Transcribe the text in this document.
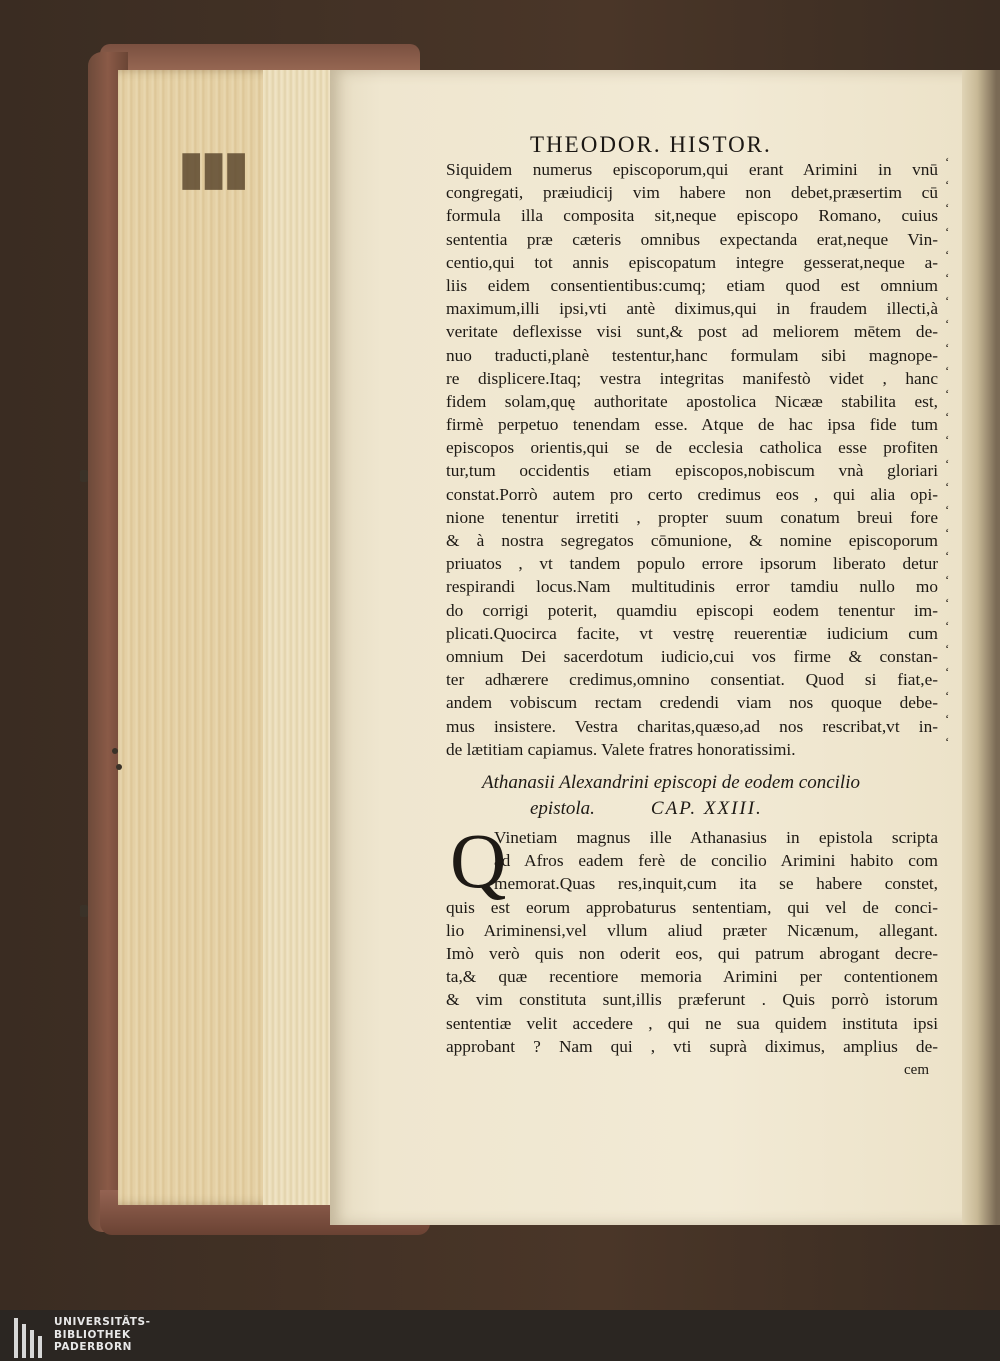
▮▮▮	THEODOR. HISTOR.
Siquidem numerus episcoporum,qui erant Arimini in vnū
congregati, præiudicij vim habere non debet,præsertim cū
formula illa composita sit,neque episcopo Romano, cuius
sententia præ cæteris omnibus expectanda erat,neque Vin-
centio,qui tot annis episcopatum integre gesserat,neque a-
liis eidem consentientibus:cumq; etiam quod est omnium
maximum,illi ipsi,vti antè diximus,qui in fraudem illecti,à
veritate deflexisse visi sunt,& post ad meliorem mētem de-
nuo traducti,planè testentur,hanc formulam sibi magnope-
re displicere.Itaq; vestra integritas manifestò videt , hanc
fidem solam,quę authoritate apostolica Nicææ stabilita est,
firmè perpetuo tenendam esse. Atque de hac ipsa fide tum
episcopos orientis,qui se de ecclesia catholica esse profiten
tur,tum occidentis etiam episcopos,nobiscum vnà gloriari
constat.Porrò autem pro certo credimus eos , qui alia opi-
nione tenentur irretiti , propter suum conatum breui fore
& à nostra segregatos cōmunione, & nomine episcoporum
priuatos , vt tandem populo errore ipsorum liberato detur
respirandi locus.Nam multitudinis error tamdiu nullo mo
do corrigi poterit, quamdiu episcopi eodem tenentur im-
plicati.Quocirca facite, vt vestrę reuerentiæ iudicium cum
omnium Dei sacerdotum iudicio,cui vos firme & constan-
ter adhærere credimus,omnino consentiat. Quod si fiat,e-
andem vobiscum rectam credendi viam nos quoque debe-
mus insistere. Vestra charitas,quæso,ad nos rescribat,vt in-
de lætitiam capiamus. Valete fratres honoratissimi.
Athanasii Alexandrini episcopi de eodem concilio
epistola.	CAP. XXIII.
Q
Vinetiam magnus ille Athanasius in epistola scripta
ad Afros eadem ferè de concilio Arimini habito com
memorat.Quas res,inquit,cum ita se habere constet,
quis est eorum approbaturus sententiam, qui vel de conci-
lio Ariminensi,vel vllum aliud præter Nicænum, allegant.
Imò verò quis non oderit eos, qui patrum abrogant decre-
ta,& quæ recentiore memoria Arimini per contentionem
& vim constituta sunt,illis præferunt . Quis porrò istorum
sententiæ velit accedere , qui ne sua quidem instituta ipsi
approbant ? Nam qui , vti suprà diximus, amplius de-
cem
ʻ
ʻ
ʻ
ʻ
ʻ
ʻ
ʻ
ʻ
ʻ
ʻ
ʻ
ʻ
ʻ
ʻ
ʻ
ʻ
ʻ
ʻ
ʻ
ʻ
ʻ
ʻ
ʻ
ʻ
ʻ
ʻ
UNIVERSITÄTS-
BIBLIOTHEK
PADERBORN
